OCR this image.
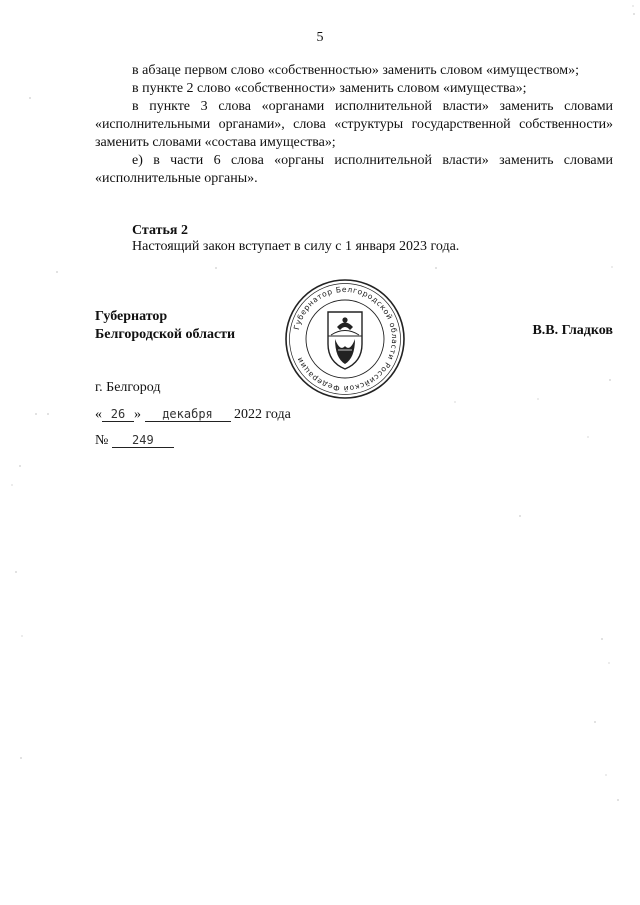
5

в абзаце первом слово «собственностью» заменить словом «имуществом»;

в пункте 2 слово «собственности» заменить словом «имущества»;

в пункте 3 слова «органами исполнительной власти» заменить словами «исполнительными органами», слова «структуры государственной собственности» заменить словами «состава имущества»;

е) в части 6 слова «органы исполнительной власти» заменить словами «исполнительные органы».

Статья 2
Настоящий закон вступает в силу с 1 января 2023 года.
Губернатор
Белгородской области	В.В. Гладков
Губернатор Белгородской области Российской Федерации
г. Белгород
« 26 » декабря 2022 года
№ 249
